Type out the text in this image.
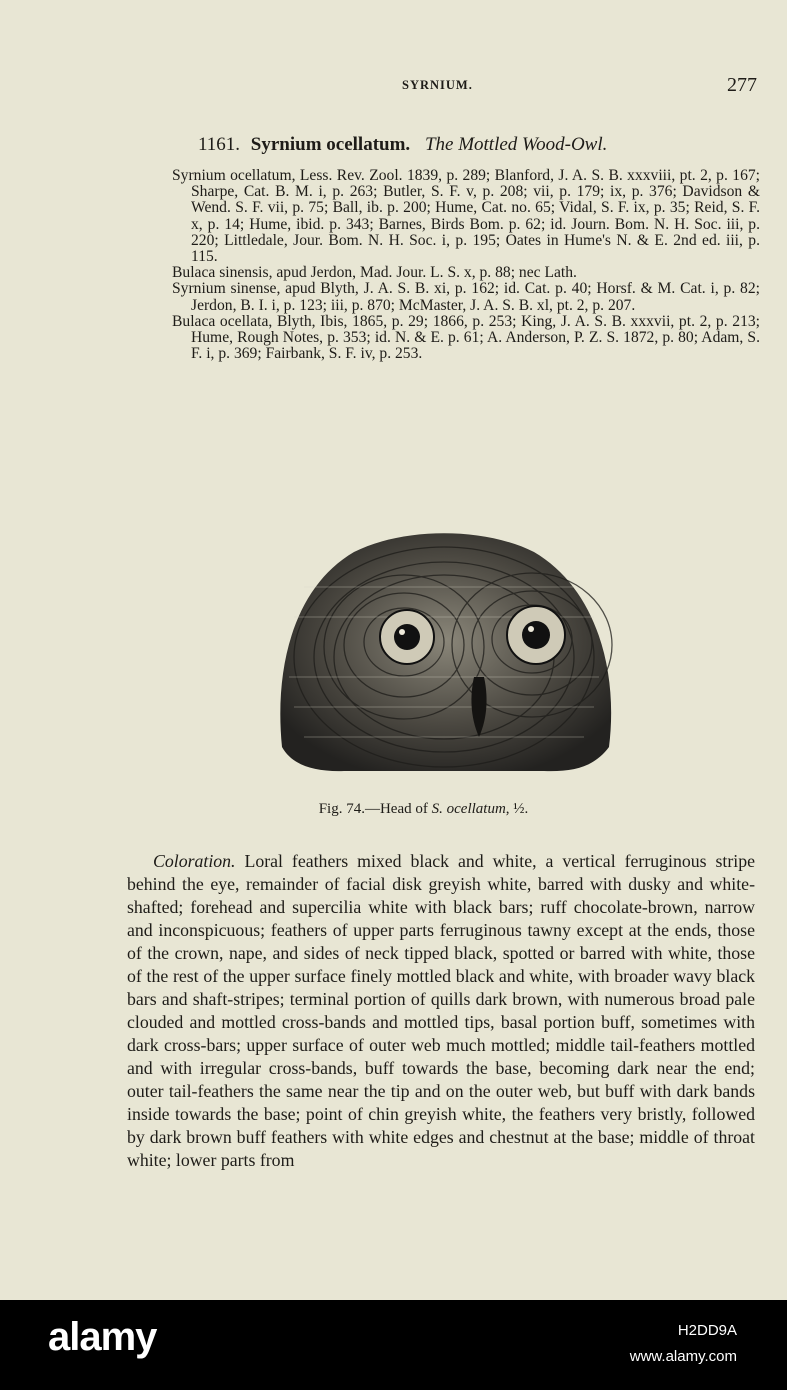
SYRNIUM.	277
1161. Syrnium ocellatum. The Mottled Wood-Owl.

Syrnium ocellatum, Less. Rev. Zool. 1839, p. 289; Blanford, J. A. S. B. xxxviii, pt. 2, p. 167; Sharpe, Cat. B. M. i, p. 263; Butler, S. F. v, p. 208; vii, p. 179; ix, p. 376; Davidson & Wend. S. F. vii, p. 75; Ball, ib. p. 200; Hume, Cat. no. 65; Vidal, S. F. ix, p. 35; Reid, S. F. x, p. 14; Hume, ibid. p. 343; Barnes, Birds Bom. p. 62; id. Journ. Bom. N. H. Soc. iii, p. 220; Littledale, Jour. Bom. N. H. Soc. i, p. 195; Oates in Hume's N. & E. 2nd ed. iii, p. 115.

Bulaca sinensis, apud Jerdon, Mad. Jour. L. S. x, p. 88; nec Lath.

Syrnium sinense, apud Blyth, J. A. S. B. xi, p. 162; id. Cat. p. 40; Horsf. & M. Cat. i, p. 82; Jerdon, B. I. i, p. 123; iii, p. 870; McMaster, J. A. S. B. xl, pt. 2, p. 207.

Bulaca ocellata, Blyth, Ibis, 1865, p. 29; 1866, p. 253; King, J. A. S. B. xxxvii, pt. 2, p. 213; Hume, Rough Notes, p. 353; id. N. & E. p. 61; A. Anderson, P. Z. S. 1872, p. 80; Adam, S. F. i, p. 369; Fairbank, S. F. iv, p. 253.

Fig. 74.—Head of S. ocellatum, ½.

Coloration. Loral feathers mixed black and white, a vertical ferruginous stripe behind the eye, remainder of facial disk greyish white, barred with dusky and white-shafted; forehead and supercilia white with black bars; ruff chocolate-brown, narrow and inconspicuous; feathers of upper parts ferruginous tawny except at the ends, those of the crown, nape, and sides of neck tipped black, spotted or barred with white, those of the rest of the upper surface finely mottled black and white, with broader wavy black bars and shaft-stripes; terminal portion of quills dark brown, with numerous broad pale clouded and mottled cross-bands and mottled tips, basal portion buff, sometimes with dark cross-bars; upper surface of outer web much mottled; middle tail-feathers mottled and with irregular cross-bands, buff towards the base, becoming dark near the end; outer tail-feathers the same near the tip and on the outer web, but buff with dark bands inside towards the base; point of chin greyish white, the feathers very bristly, followed by dark brown buff feathers with white edges and chestnut at the base; middle of throat white; lower parts from

alamy	H2DD9A
www.alamy.com
